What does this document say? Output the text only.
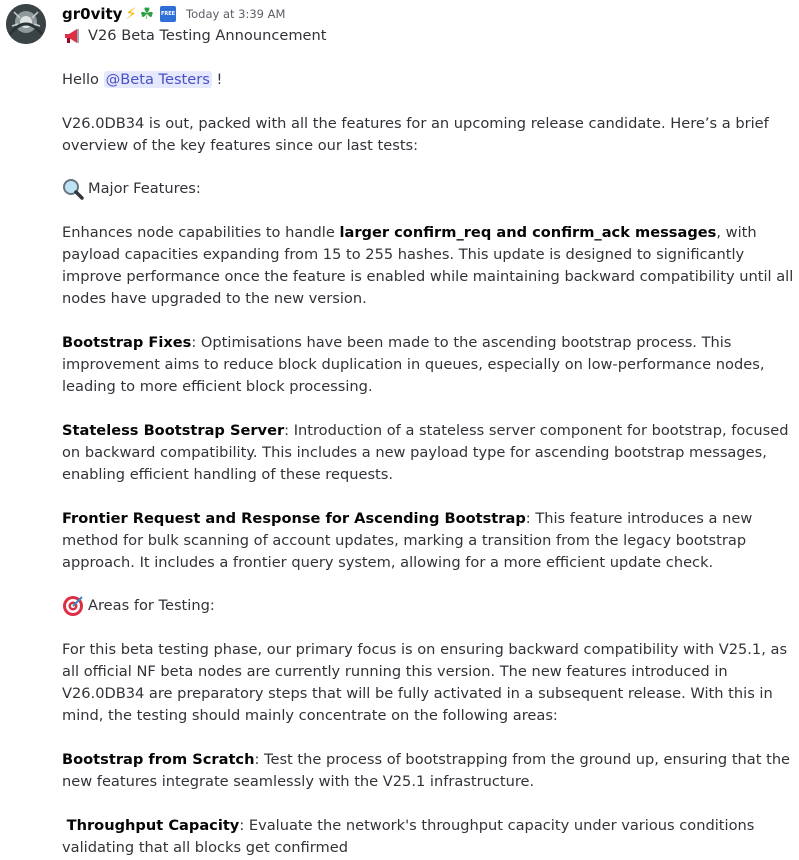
gr0vity ⚡ ☘ FREE Today at 3:39 AM
V26 Beta Testing Announcement

Hello @Beta Testers !

V26.0DB34 is out, packed with all the features for an upcoming release candidate. Here’s a brief overview of the key features since our last tests:

Major Features:

Enhances node capabilities to handle larger confirm_req and confirm_ack messages, with payload capacities expanding from 15 to 255 hashes. This update is designed to significantly improve performance once the feature is enabled while maintaining backward compatibility until all nodes have upgraded to the new version.

Bootstrap Fixes: Optimisations have been made to the ascending bootstrap process. This improvement aims to reduce block duplication in queues, especially on low-performance nodes, leading to more efficient block processing.

Stateless Bootstrap Server: Introduction of a stateless server component for bootstrap, focused on backward compatibility. This includes a new payload type for ascending bootstrap messages, enabling efficient handling of these requests.

Frontier Request and Response for Ascending Bootstrap: This feature introduces a new method for bulk scanning of account updates, marking a transition from the legacy bootstrap approach. It includes a frontier query system, allowing for a more efficient update check.

Areas for Testing:

For this beta testing phase, our primary focus is on ensuring backward compatibility with V25.1, as all official NF beta nodes are currently running this version. The new features introduced in V26.0DB34 are preparatory steps that will be fully activated in a subsequent release. With this in mind, the testing should mainly concentrate on the following areas:

Bootstrap from Scratch: Test the process of bootstrapping from the ground up, ensuring that the new features integrate seamlessly with the V25.1 infrastructure.

Throughput Capacity: Evaluate the network's throughput capacity under various conditions validating that all blocks get confirmed
